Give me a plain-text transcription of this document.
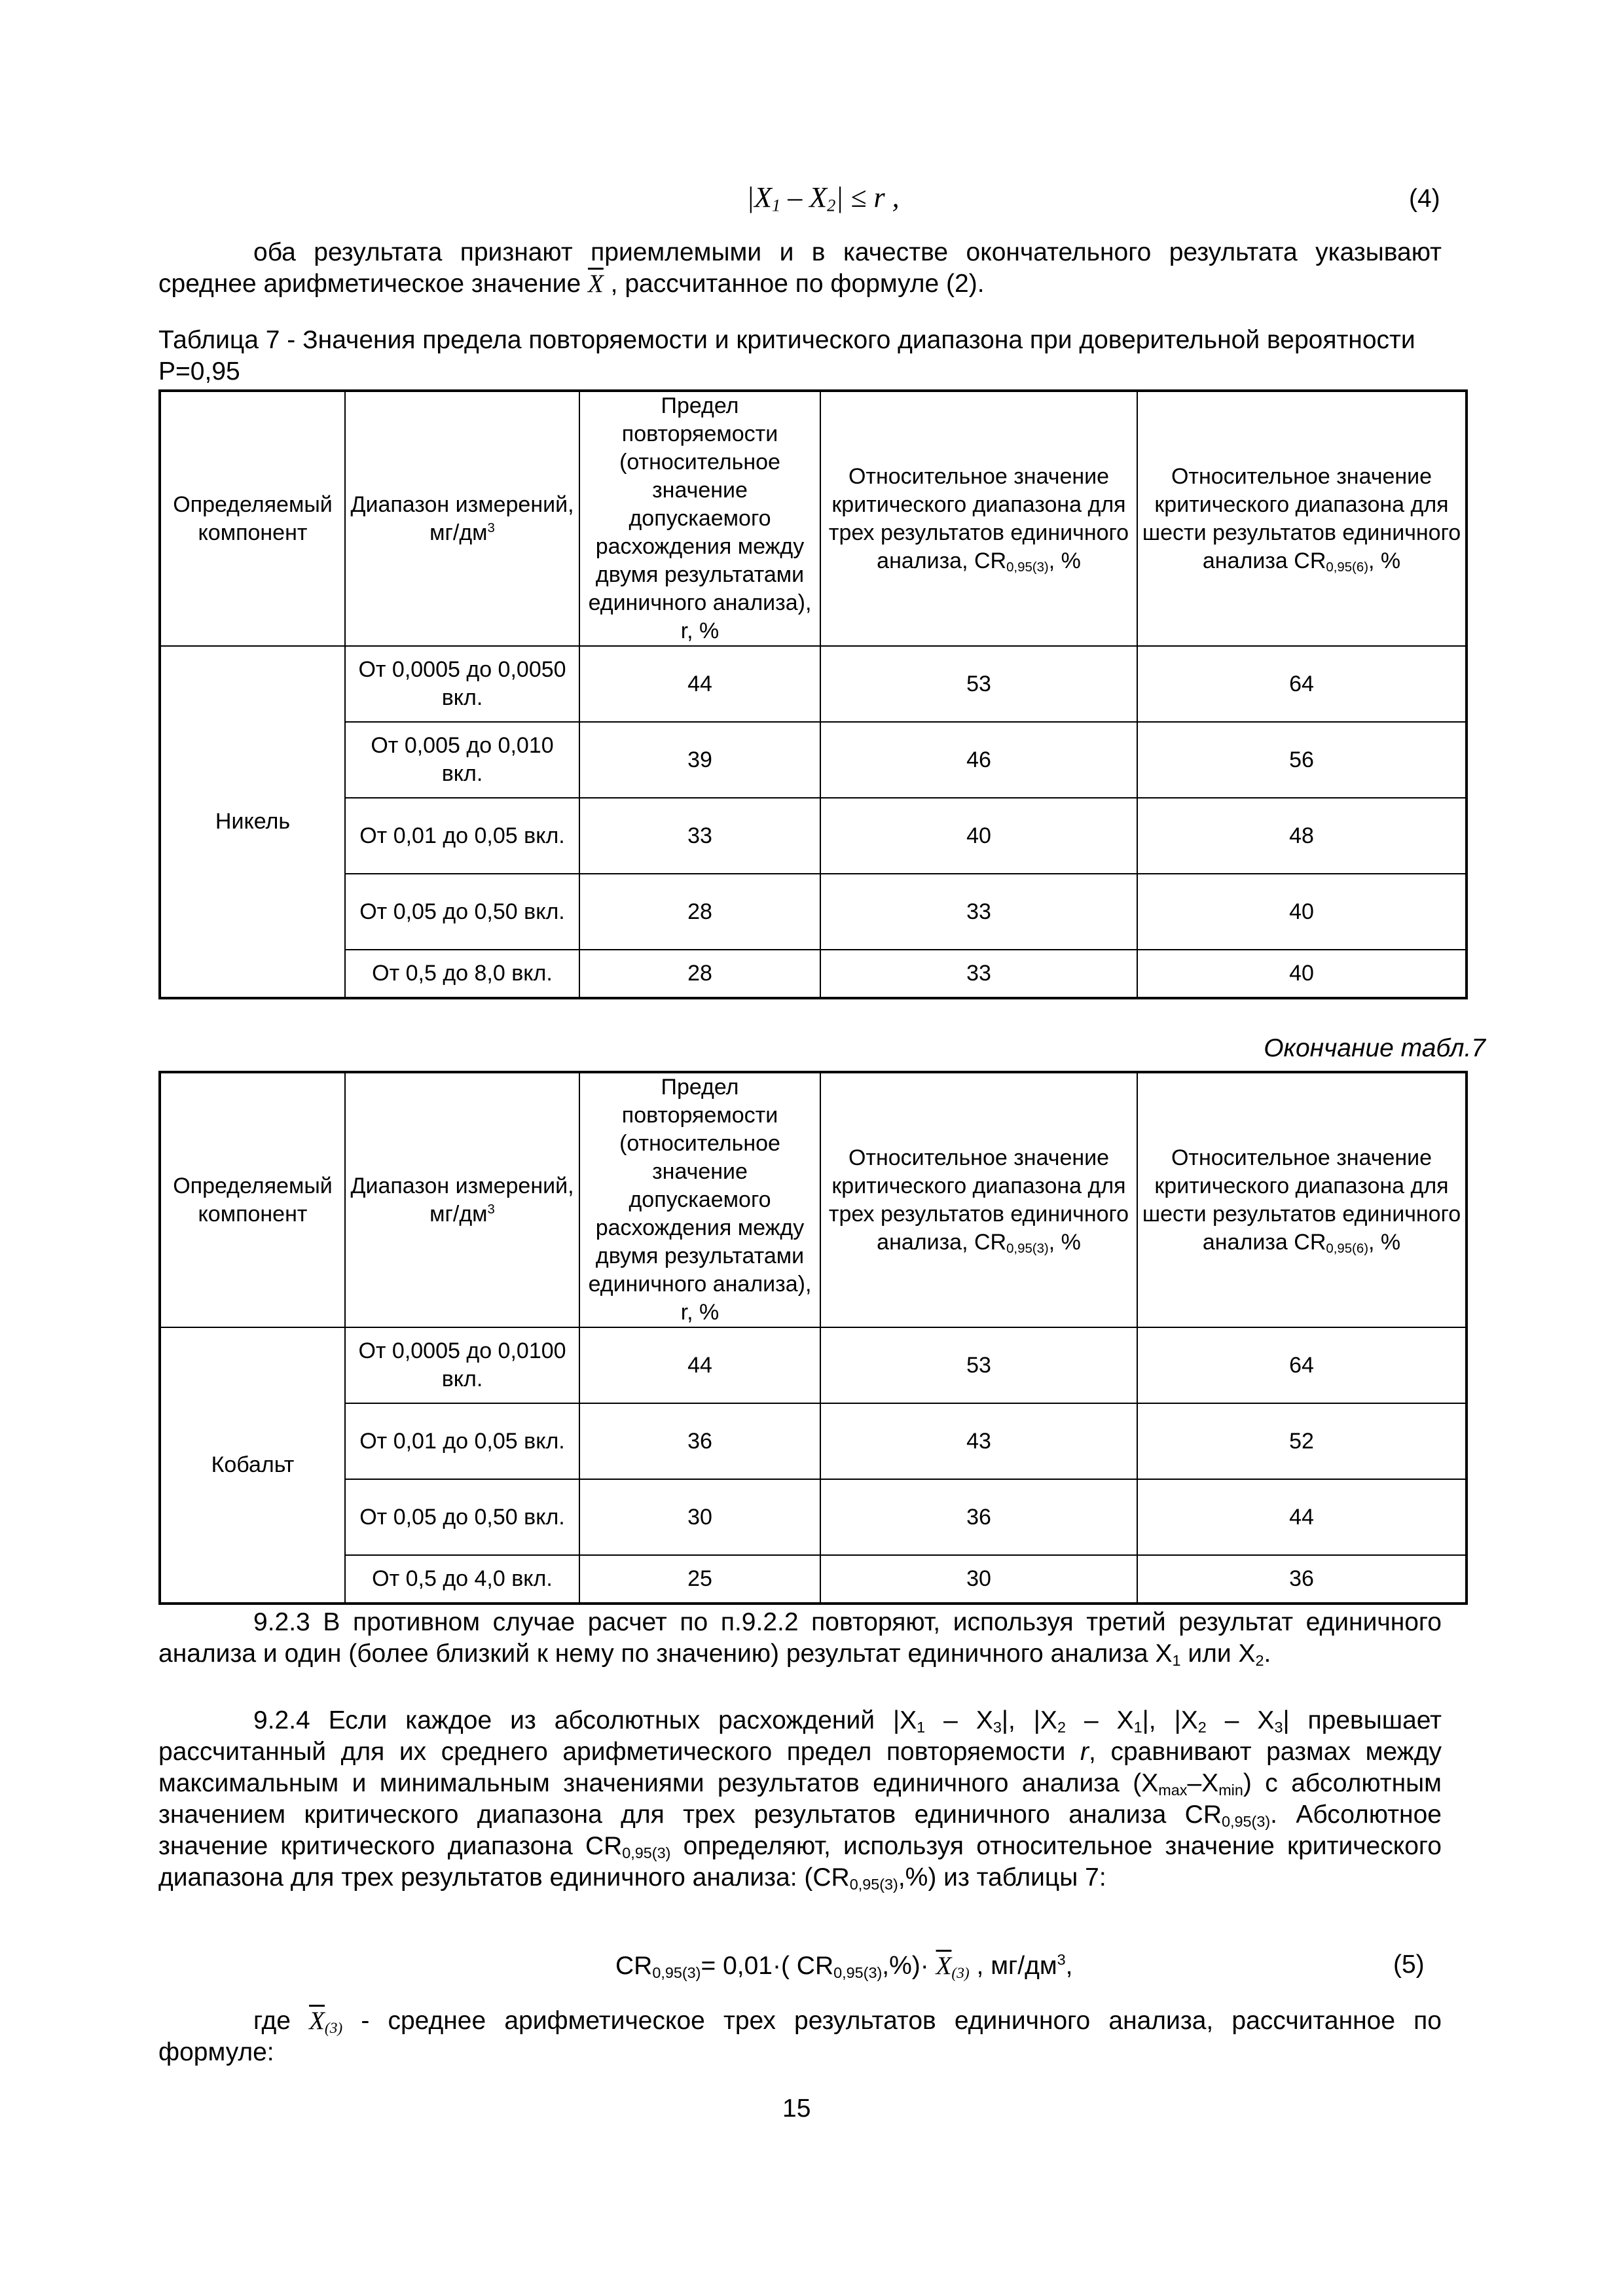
$|X_1 - X_2| \le r$ ,	(4)

оба результата признают приемлемыми и в качестве окончательного результата указывают среднее арифметическое значение $\overline{X}$ , рассчитанное по формуле (2).

Таблица 7 - Значения предела повторяемости и критического диапазона при доверительной вероятности Р=0,95
Определяемый компонент	Диапазон измерений, $мг/дм^3$	Предел повторяемости (относительное значение допускаемого расхождения между двумя результатами единичного анализа), r, %	Относительное значение критического диапазона для трех результатов единичного анализа, $CR_{0,95(3)}$, %	Относительное значение критического диапазона для шести результатов единичного анализа $CR_{0,95(6)}$, %
Никель	От 0,0005 до 0,0050 вкл.	44	53	64
	От 0,005 до 0,010 вкл.	39	46	56
	От 0,01 до 0,05 вкл.	33	40	48
	От 0,05 до 0,50 вкл.	28	33	40
	От 0,5 до 8,0 вкл.	28	33	40
Окончание табл.7
Определяемый компонент	Диапазон измерений, $мг/дм^3$	Предел повторяемости (относительное значение допускаемого расхождения между двумя результатами единичного анализа), r, %	Относительное значение критического диапазона для трех результатов единичного анализа, $CR_{0,95(3)}$, %	Относительное значение критического диапазона для шести результатов единичного анализа $CR_{0,95(6)}$, %
Кобальт	От 0,0005 до 0,0100 вкл.	44	53	64
	От 0,01 до 0,05 вкл.	36	43	52
	От 0,05 до 0,50 вкл.	30	36	44
	От 0,5 до 4,0 вкл.	25	30	36

9.2.3 В противном случае расчет по п.9.2.2 повторяют, используя третий результат единичного анализа и один (более близкий к нему по значению) результат единичного анализа $X_1$ или $X_2$.

9.2.4 Если каждое из абсолютных расхождений $|X_1 - X_3|$, $|X_2 - X_1|$, $|X_2 - X_3|$ превышает рассчитанный для их среднего арифметического предел повторяемости r, сравнивают размах между максимальным и минимальным значениями результатов единичного анализа $(X_{max}-X_{min})$ с абсолютным значением критического диапазона для трех результатов единичного анализа $CR_{0,95(3)}$. Абсолютное значение критического диапазона $CR_{0,95(3)}$ определяют, используя относительное значение критического диапазона для трех результатов единичного анализа: $(CR_{0,95(3)},\%)$ из таблицы 7:

$CR_{0,95(3)}= 0,01\cdot$( $CR_{0,95(3)},\%)\cdot \overline{X}_{(3)}$ , $мг/дм^3$,	(5)

где $\overline{X}_{(3)}$ - среднее арифметическое трех результатов единичного анализа, рассчитанное по формуле:

15
